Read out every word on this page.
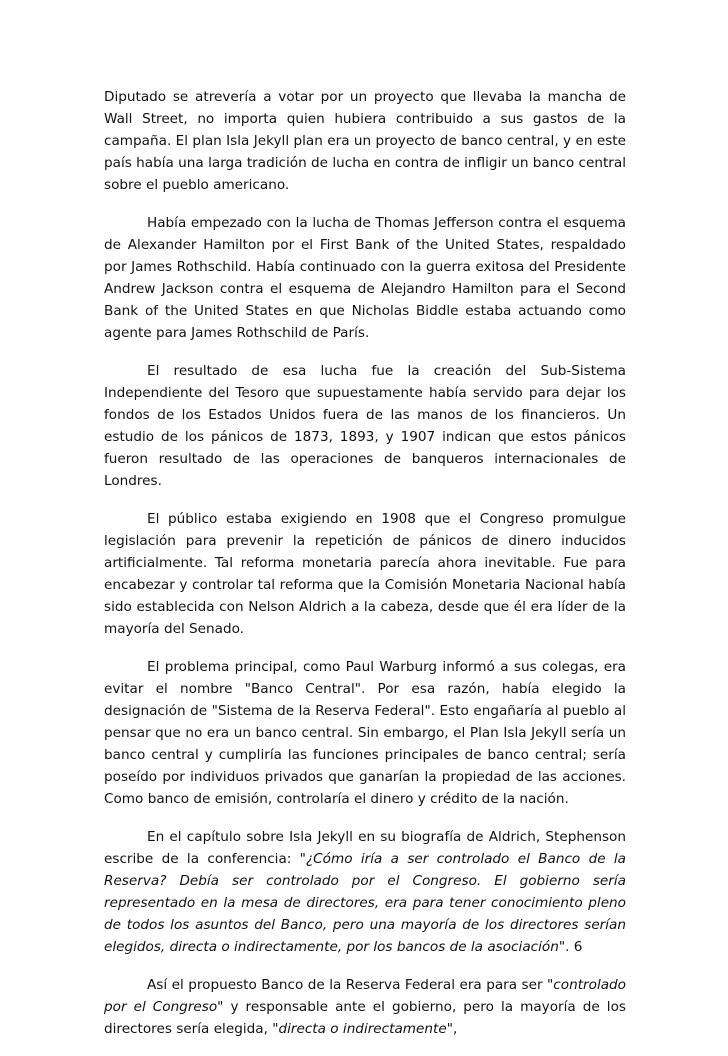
Diputado se atrevería a votar por un proyecto que llevaba la mancha de Wall Street, no importa quien hubiera contribuido a sus gastos de la campaña. El plan Isla Jekyll plan era un proyecto de banco central, y en este país había una larga tradición de lucha en contra de infligir un banco central sobre el pueblo americano.

Había empezado con la lucha de Thomas Jefferson contra el esquema de Alexander Hamilton por el First Bank of the United States, respaldado por James Rothschild. Había continuado con la guerra exitosa del Presidente Andrew Jackson contra el esquema de Alejandro Hamilton para el Second Bank of the United States en que Nicholas Biddle estaba actuando como agente para James Rothschild de París.

El resultado de esa lucha fue la creación del Sub-Sistema Independiente del Tesoro que supuestamente había servido para dejar los fondos de los Estados Unidos fuera de las manos de los financieros. Un estudio de los pánicos de 1873, 1893, y 1907 indican que estos pánicos fueron resultado de las operaciones de banqueros internacionales de Londres.

El público estaba exigiendo en 1908 que el Congreso promulgue legislación para prevenir la repetición de pánicos de dinero inducidos artificialmente. Tal reforma monetaria parecía ahora inevitable. Fue para encabezar y controlar tal reforma que la Comisión Monetaria Nacional había sido establecida con Nelson Aldrich a la cabeza, desde que él era líder de la mayoría del Senado.

El problema principal, como Paul Warburg informó a sus colegas, era evitar el nombre "Banco Central". Por esa razón, había elegido la designación de "Sistema de la Reserva Federal". Esto engañaría al pueblo al pensar que no era un banco central. Sin embargo, el Plan Isla Jekyll sería un banco central y cumpliría las funciones principales de banco central; sería poseído por individuos privados que ganarían la propiedad de las acciones. Como banco de emisión, controlaría el dinero y crédito de la nación.

En el capítulo sobre Isla Jekyll en su biografía de Aldrich, Stephenson escribe de la conferencia: "¿Cómo iría a ser controlado el Banco de la Reserva? Debía ser controlado por el Congreso. El gobierno sería representado en la mesa de directores, era para tener conocimiento pleno de todos los asuntos del Banco, pero una mayoría de los directores serían elegidos, directa o indirectamente, por los bancos de la asociación". 6

Así el propuesto Banco de la Reserva Federal era para ser "controlado por el Congreso" y responsable ante el gobierno, pero la mayoría de los directores sería elegida, "directa o indirectamente",
